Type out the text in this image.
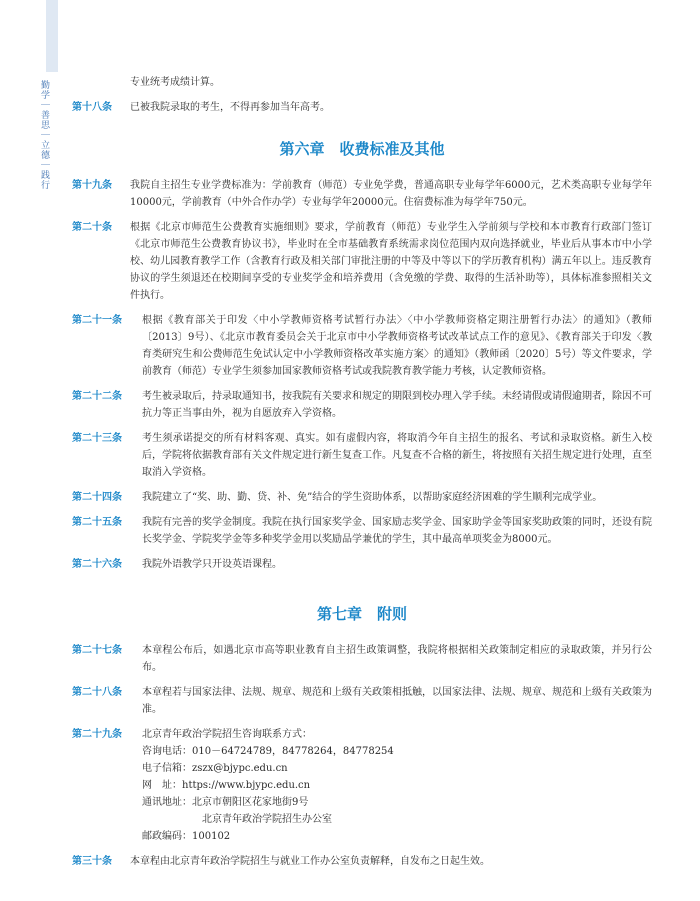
勤学｜善思｜立德｜践行	专业统考成绩计算。
第十八条	已被我院录取的考生，不得再参加当年高考。
第六章　收费标准及其他
第十九条	我院自主招生专业学费标准为：学前教育（师范）专业免学费，普通高职专业每学年6000元，艺术类高职专业每学年10000元，学前教育（中外合作办学）专业每学年20000元。住宿费标准为每学年750元。
第二十条	根据《北京市师范生公费教育实施细则》要求，学前教育（师范）专业学生入学前须与学校和本市教育行政部门签订《北京市师范生公费教育协议书》，毕业时在全市基础教育系统需求岗位范围内双向选择就业，毕业后从事本市中小学校、幼儿园教育教学工作（含教育行政及相关部门审批注册的中等及中等以下的学历教育机构）满五年以上。违反教育协议的学生须退还在校期间享受的专业奖学金和培养费用（含免缴的学费、取得的生活补助等），具体标准参照相关文件执行。
第二十一条	根据《教育部关于印发〈中小学教师资格考试暂行办法〉〈中小学教师资格定期注册暂行办法〉的通知》（教师〔2013〕9号）、《北京市教育委员会关于北京市中小学教师资格考试改革试点工作的意见》、《教育部关于印发〈教育类研究生和公费师范生免试认定中小学教师资格改革实施方案〉的通知》（教师函〔2020〕5号）等文件要求，学前教育（师范）专业学生须参加国家教师资格考试或我院教育教学能力考核，认定教师资格。
第二十二条	考生被录取后，持录取通知书，按我院有关要求和规定的期限到校办理入学手续。未经请假或请假逾期者，除因不可抗力等正当事由外，视为自愿放弃入学资格。
第二十三条	考生须承诺提交的所有材料客观、真实。如有虚假内容，将取消今年自主招生的报名、考试和录取资格。新生入校后，学院将依据教育部有关文件规定进行新生复查工作。凡复查不合格的新生，将按照有关招生规定进行处理，直至取消入学资格。
第二十四条	我院建立了“奖、助、勤、贷、补、免”结合的学生资助体系，以帮助家庭经济困难的学生顺利完成学业。
第二十五条	我院有完善的奖学金制度。我院在执行国家奖学金、国家励志奖学金、国家助学金等国家奖助政策的同时，还设有院长奖学金、学院奖学金等多种奖学金用以奖励品学兼优的学生，其中最高单项奖金为8000元。
第二十六条	我院外语教学只开设英语课程。
第七章　附则
第二十七条	本章程公布后，如遇北京市高等职业教育自主招生政策调整，我院将根据相关政策制定相应的录取政策，并另行公布。
第二十八条	本章程若与国家法律、法规、规章、规范和上级有关政策相抵触，以国家法律、法规、规章、规范和上级有关政策为准。
第二十九条	北京青年政治学院招生咨询联系方式：
咨询电话：010－64724789，84778264，84778254
电子信箱：zszx@bjypc.edu.cn
网　址：https://www.bjypc.edu.cn
通讯地址：北京市朝阳区花家地街9号
北京青年政治学院招生办公室
邮政编码：100102
第三十条	本章程由北京青年政治学院招生与就业工作办公室负责解释，自发布之日起生效。
